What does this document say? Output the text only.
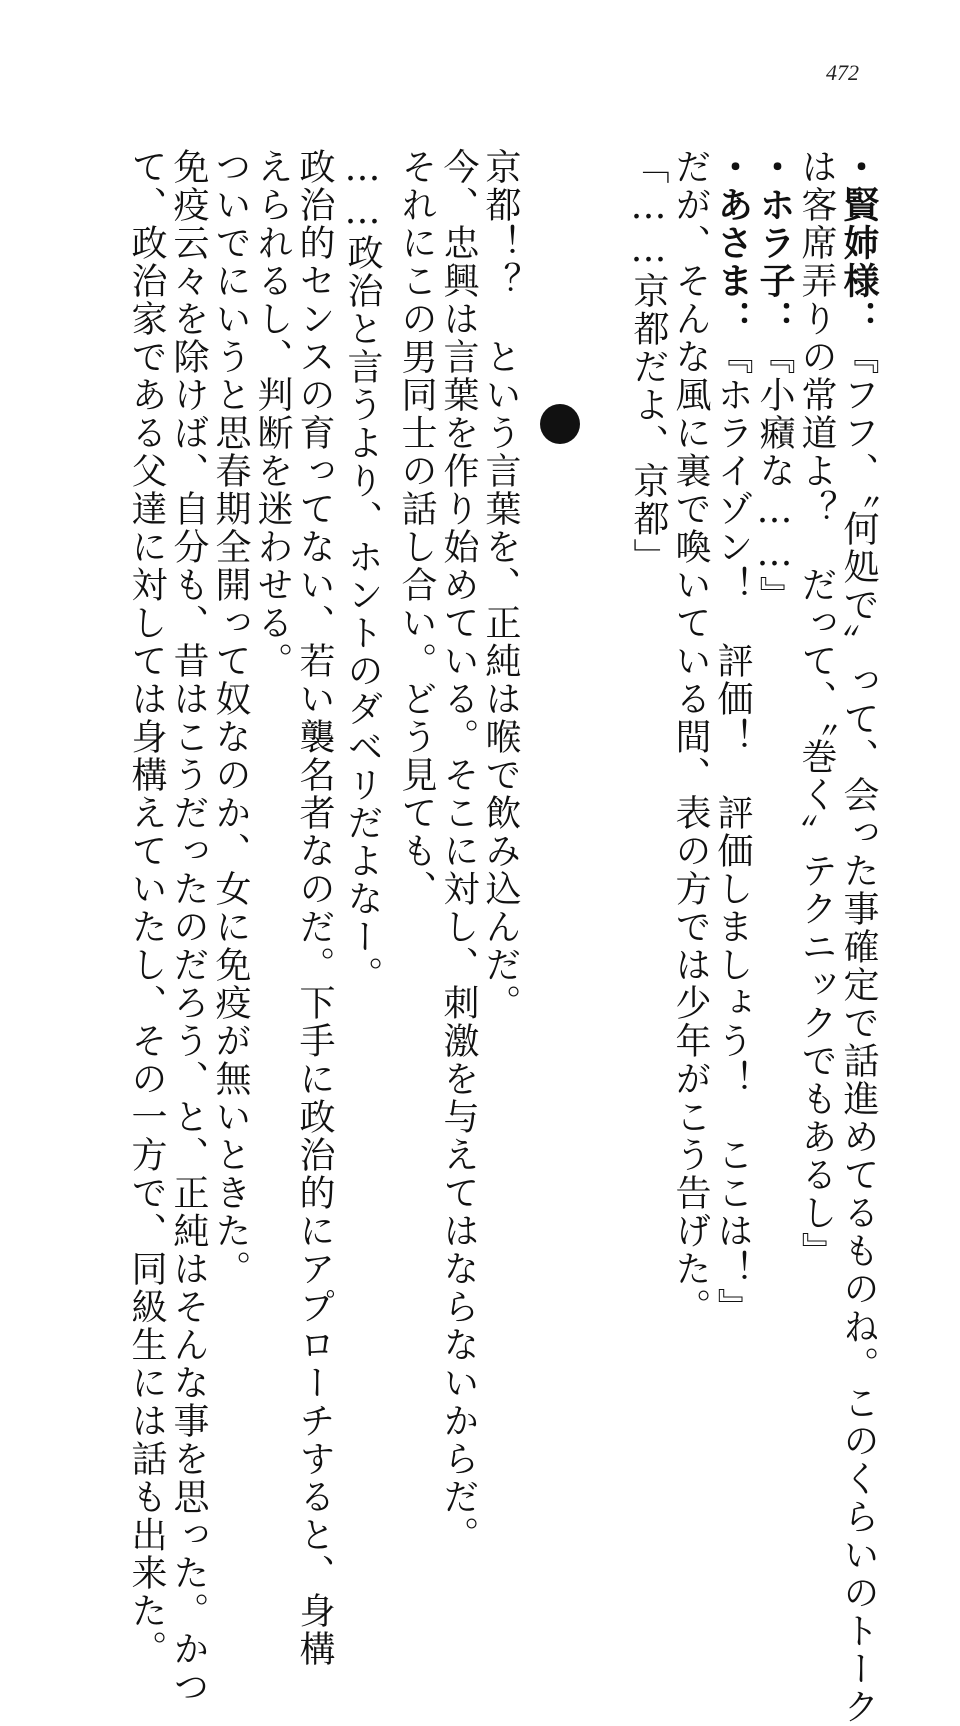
472
・賢姉様：『フフ、〝何処で〟って、会った事確定で話進めてるものね。このくらいのトーク
は客席弄りの常道よ？　だって、〝巻く〟テクニックでもあるし』
・ホラ子：『小癪な……』
・あさま：『ホライゾン！　評価！　評価しましょう！　ここは！』
だが、そんな風に裏で喚いている間、表の方では少年がこう告げた。
「……京都だよ、京都」
京都！？　という言葉を、正純は喉で飲み込んだ。
今、忠興は言葉を作り始めている。そこに対し、刺激を与えてはならないからだ。
それにこの男同士の話し合い。どう見ても、
……政治と言うより、ホントのダベリだよなー。
政治的センスの育ってない、若い襲名者なのだ。下手に政治的にアプローチすると、身構
えられるし、判断を迷わせる。
ついでにいうと思春期全開って奴なのか、女に免疫が無いときた。
免疫云々を除けば、自分も、昔はこうだったのだろう、と、正純はそんな事を思った。かつ
て、政治家である父達に対しては身構えていたし、その一方で、同級生には話も出来た。
